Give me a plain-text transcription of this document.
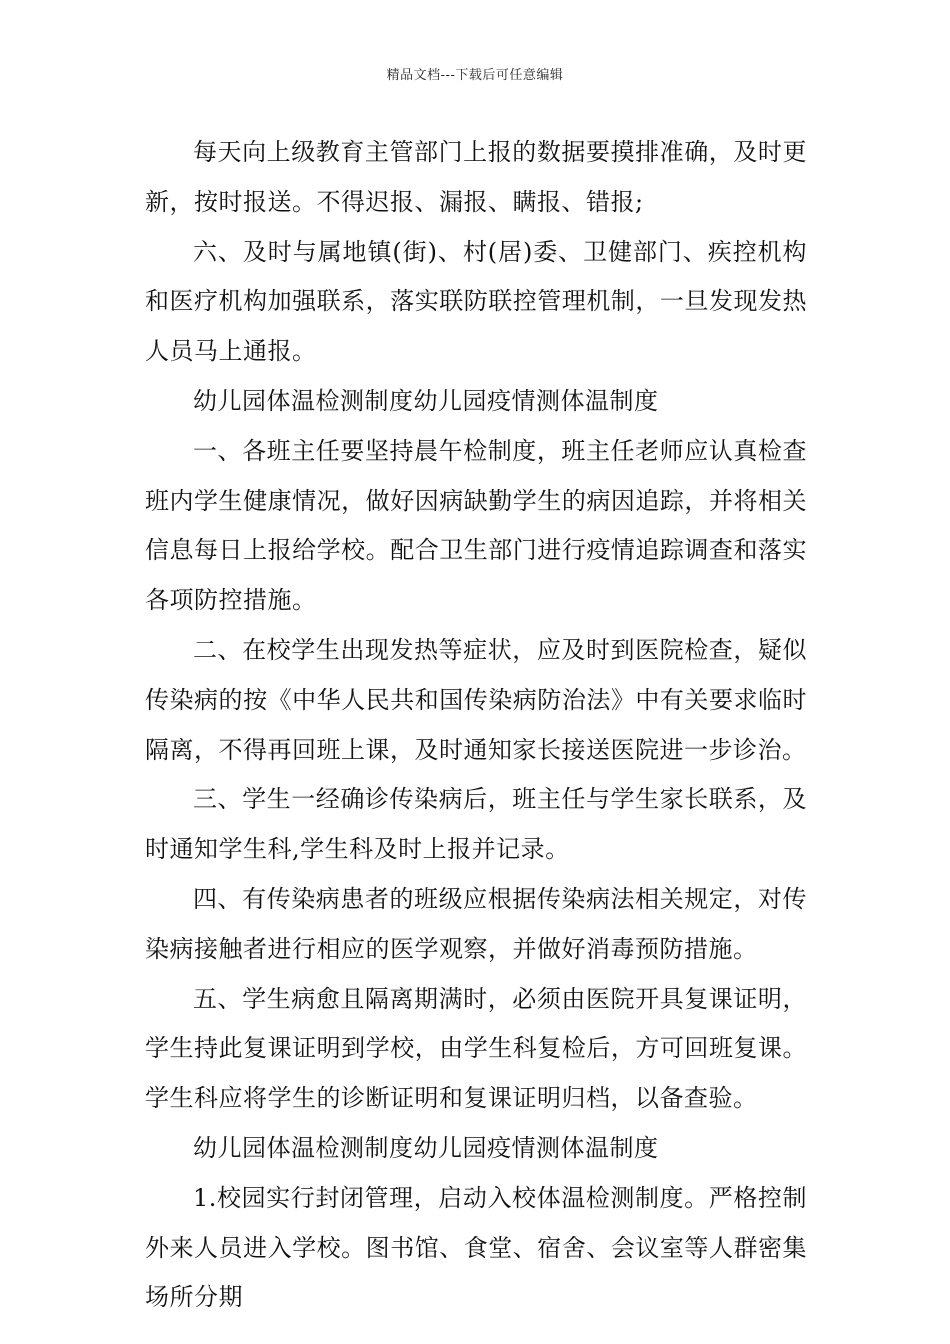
精品文档---下载后可任意编辑

每天向上级教育主管部门上报的数据要摸排准确，及时更新，按时报送。不得迟报、漏报、瞒报、错报;

六、及时与属地镇(街)、村(居)委、卫健部门、疾控机构和医疗机构加强联系，落实联防联控管理机制，一旦发现发热人员马上通报。

幼儿园体温检测制度幼儿园疫情测体温制度

一、各班主任要坚持晨午检制度，班主任老师应认真检查班内学生健康情况，做好因病缺勤学生的病因追踪，并将相关信息每日上报给学校。配合卫生部门进行疫情追踪调查和落实各项防控措施。

二、在校学生出现发热等症状，应及时到医院检查，疑似传染病的按《中华人民共和国传染病防治法》中有关要求临时隔离，不得再回班上课，及时通知家长接送医院进一步诊治。

三、学生一经确诊传染病后，班主任与学生家长联系，及时通知学生科,学生科及时上报并记录。

四、有传染病患者的班级应根据传染病法相关规定，对传染病接触者进行相应的医学观察，并做好消毒预防措施。

五、学生病愈且隔离期满时，必须由医院开具复课证明，学生持此复课证明到学校，由学生科复检后，方可回班复课。学生科应将学生的诊断证明和复课证明归档，以备查验。

幼儿园体温检测制度幼儿园疫情测体温制度

1.校园实行封闭管理，启动入校体温检测制度。严格控制外来人员进入学校。图书馆、食堂、宿舍、会议室等人群密集场所分期
